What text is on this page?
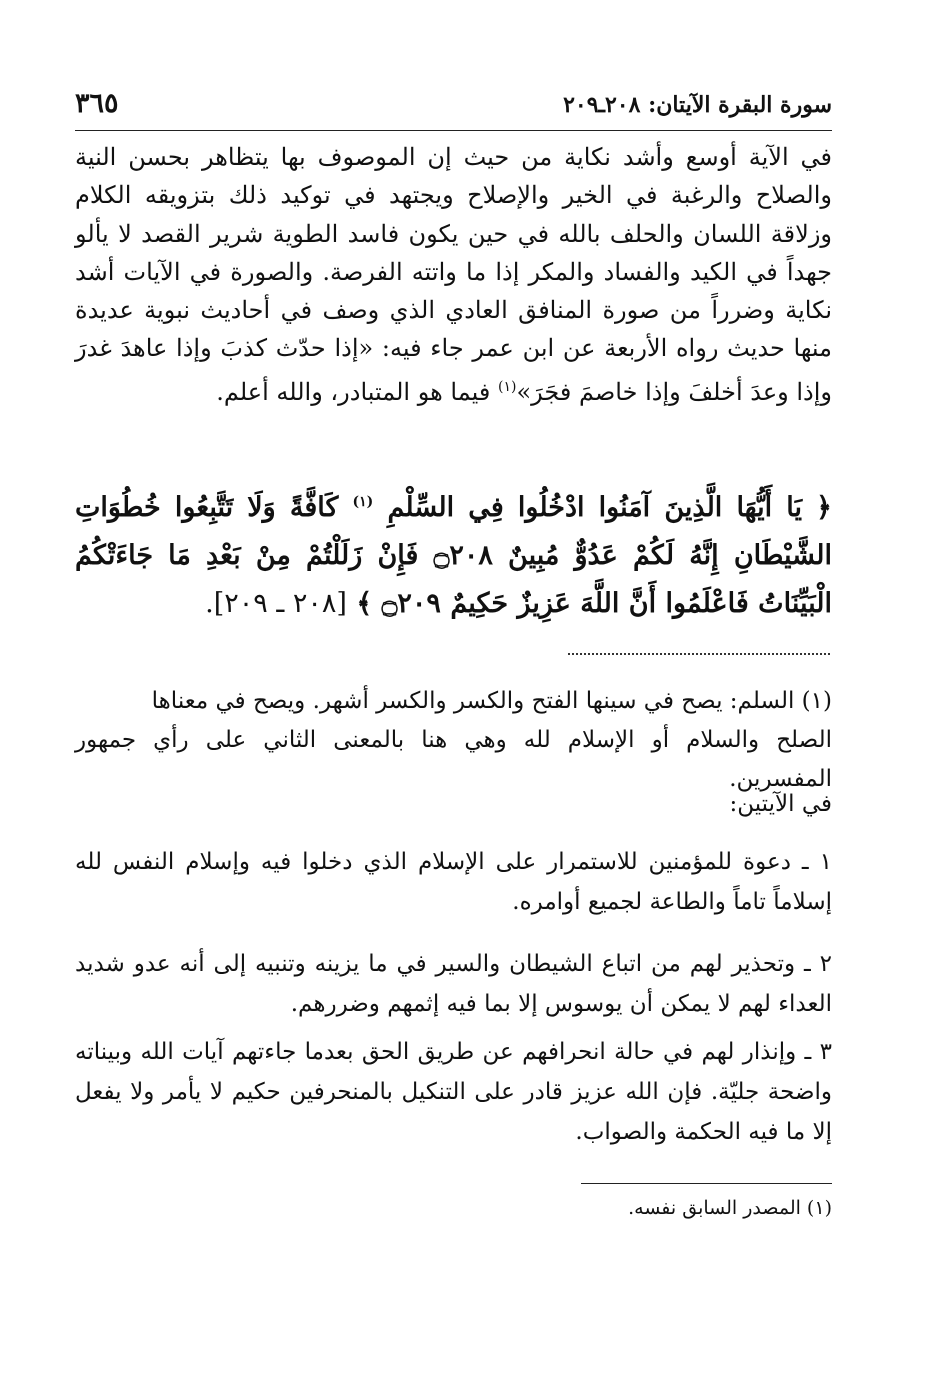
سورة البقرة الآيتان: ٢٠٨ـ٢٠٩
٣٦٥
في الآية أوسع وأشد نكاية من حيث إن الموصوف بها يتظاهر بحسن النية والصلاح والرغبة في الخير والإصلاح ويجتهد في توكيد ذلك بتزويقه الكلام وزلاقة اللسان والحلف بالله في حين يكون فاسد الطوية شرير القصد لا يألو جهداً في الكيد والفساد والمكر إذا ما واتته الفرصة. والصورة في الآيات أشد نكاية وضرراً من صورة المنافق العادي الذي وصف في أحاديث نبوية عديدة منها حديث رواه الأربعة عن ابن عمر جاء فيه: «إذا حدّث كذبَ وإذا عاهدَ غدرَ وإذا وعدَ أخلفَ وإذا خاصمَ فجَرَ»$^{(١)}$ فيما هو المتبادر، والله أعلم.
﴿ يَا أَيُّهَا الَّذِينَ آمَنُوا ادْخُلُوا فِي السِّلْمِ $^{(١)}$ كَافَّةً وَلَا تَتَّبِعُوا خُطُوَاتِ الشَّيْطَانِ إِنَّهُ لَكُمْ عَدُوٌّ مُبِينٌ ۝٢٠٨ فَإِنْ زَلَلْتُمْ مِنْ بَعْدِ مَا جَاءَتْكُمُ الْبَيِّنَاتُ فَاعْلَمُوا أَنَّ اللَّهَ عَزِيزٌ حَكِيمٌ ۝٢٠٩ ﴾ [٢٠٨ ـ ٢٠٩].
(١) السلم: يصح في سينها الفتح والكسر والكسر أشهر. ويصح في معناها
الصلح والسلام أو الإسلام لله وهي هنا بالمعنى الثاني على رأي جمهور المفسرين.
في الآيتين:
١ ـ دعوة للمؤمنين للاستمرار على الإسلام الذي دخلوا فيه وإسلام النفس لله إسلاماً تاماً والطاعة لجميع أوامره.
٢ ـ وتحذير لهم من اتباع الشيطان والسير في ما يزينه وتنبيه إلى أنه عدو شديد العداء لهم لا يمكن أن يوسوس إلا بما فيه إثمهم وضررهم.
٣ ـ وإنذار لهم في حالة انحرافهم عن طريق الحق بعدما جاءتهم آيات الله وبيناته واضحة جليّة. فإن الله عزيز قادر على التنكيل بالمنحرفين حكيم لا يأمر ولا يفعل إلا ما فيه الحكمة والصواب.
(١) المصدر السابق نفسه.
